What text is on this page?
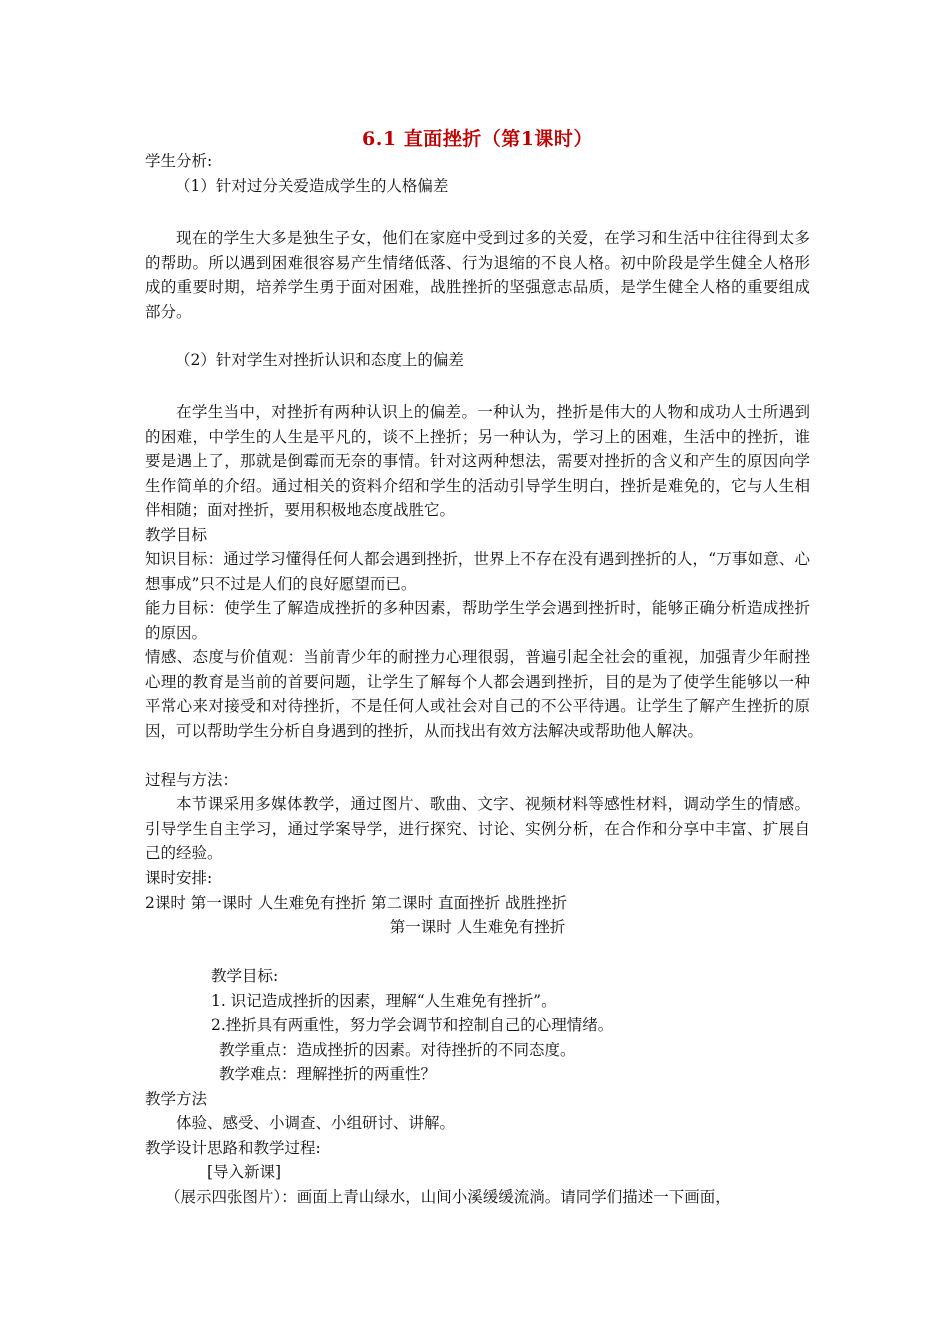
6.1 直面挫折（第1课时）
学生分析:
（1）针对过分关爱造成学生的人格偏差
现在的学生大多是独生子女，他们在家庭中受到过多的关爱，在学习和生活中往往得到太多的帮助。所以遇到困难很容易产生情绪低落、行为退缩的不良人格。初中阶段是学生健全人格形成的重要时期，培养学生勇于面对困难，战胜挫折的坚强意志品质，是学生健全人格的重要组成部分。
（2）针对学生对挫折认识和态度上的偏差
在学生当中，对挫折有两种认识上的偏差。一种认为，挫折是伟大的人物和成功人士所遇到的困难，中学生的人生是平凡的，谈不上挫折；另一种认为，学习上的困难，生活中的挫折，谁要是遇上了，那就是倒霉而无奈的事情。针对这两种想法，需要对挫折的含义和产生的原因向学生作简单的介绍。通过相关的资料介绍和学生的活动引导学生明白，挫折是难免的，它与人生相伴相随；面对挫折，要用积极地态度战胜它。
教学目标
知识目标：通过学习懂得任何人都会遇到挫折，世界上不存在没有遇到挫折的人，“万事如意、心想事成”只不过是人们的良好愿望而已。
能力目标：使学生了解造成挫折的多种因素，帮助学生学会遇到挫折时，能够正确分析造成挫折的原因。
情感、态度与价值观：当前青少年的耐挫力心理很弱，普遍引起全社会的重视，加强青少年耐挫心理的教育是当前的首要问题，让学生了解每个人都会遇到挫折，目的是为了使学生能够以一种平常心来对接受和对待挫折，不是任何人或社会对自己的不公平待遇。让学生了解产生挫折的原因，可以帮助学生分析自身遇到的挫折，从而找出有效方法解决或帮助他人解决。
过程与方法：
本节课采用多媒体教学，通过图片、歌曲、文字、视频材料等感性材料，调动学生的情感。引导学生自主学习，通过学案导学，进行探究、讨论、实例分析，在合作和分享中丰富、扩展自己的经验。
课时安排:
2课时 第一课时 人生难免有挫折 第二课时 直面挫折 战胜挫折
第一课时 人生难免有挫折
教学目标:
1. 识记造成挫折的因素，理解“人生难免有挫折”。
2.挫折具有两重性，努力学会调节和控制自己的心理情绪。
教学重点：造成挫折的因素。对待挫折的不同态度。
教学难点：理解挫折的两重性？
教学方法
体验、感受、小调查、小组研讨、讲解。
教学设计思路和教学过程:
[导入新课]
（展示四张图片）：画面上青山绿水，山间小溪缓缓流淌。请同学们描述一下画面，
